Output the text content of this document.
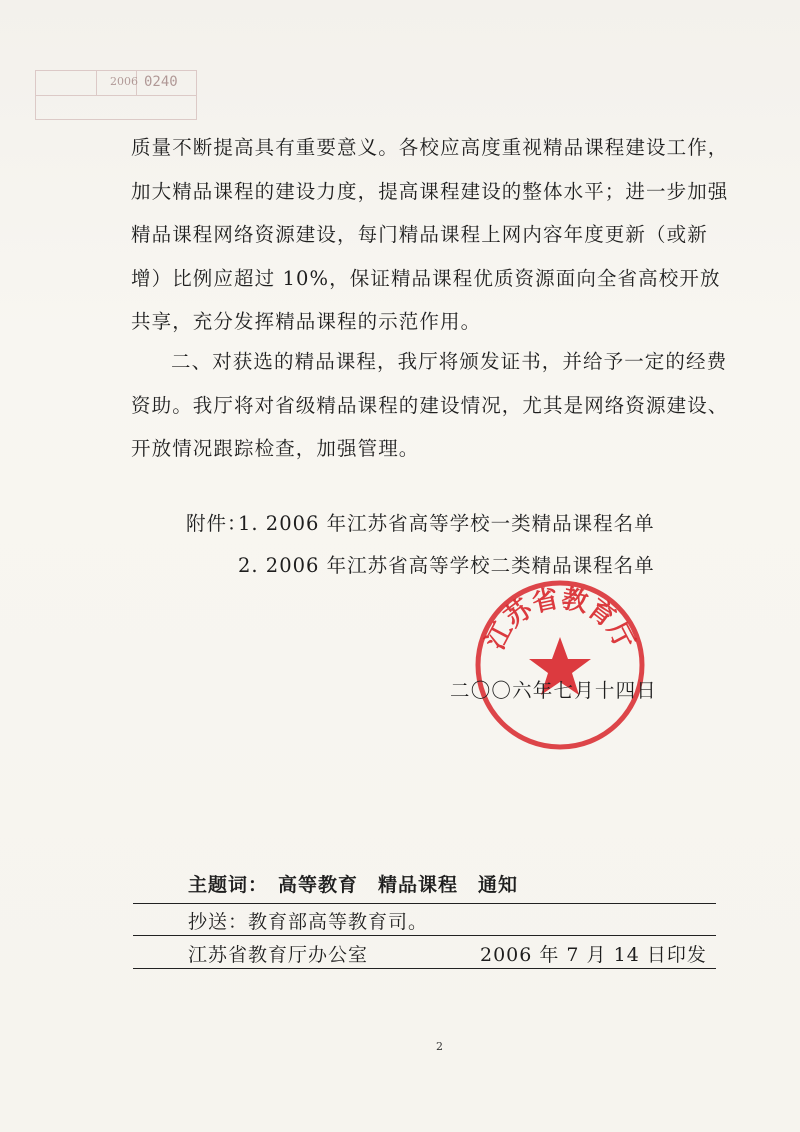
2006 0240
质量不断提高具有重要意义。各校应高度重视精品课程建设工作，加大精品课程的建设力度，提高课程建设的整体水平；进一步加强精品课程网络资源建设，每门精品课程上网内容年度更新（或新增）比例应超过 10%，保证精品课程优质资源面向全省高校开放共享，充分发挥精品课程的示范作用。
二、对获选的精品课程，我厅将颁发证书，并给予一定的经费资助。我厅将对省级精品课程的建设情况，尤其是网络资源建设、开放情况跟踪检查，加强管理。
附件：
1. 2006 年江苏省高等学校一类精品课程名单
2. 2006 年江苏省高等学校二类精品课程名单
江苏省教育厅
二〇〇六年七月十四日
主题词： 高等教育　精品课程　通知
抄送：教育部高等教育司。
江苏省教育厅办公室	2006 年 7 月 14 日印发
2
